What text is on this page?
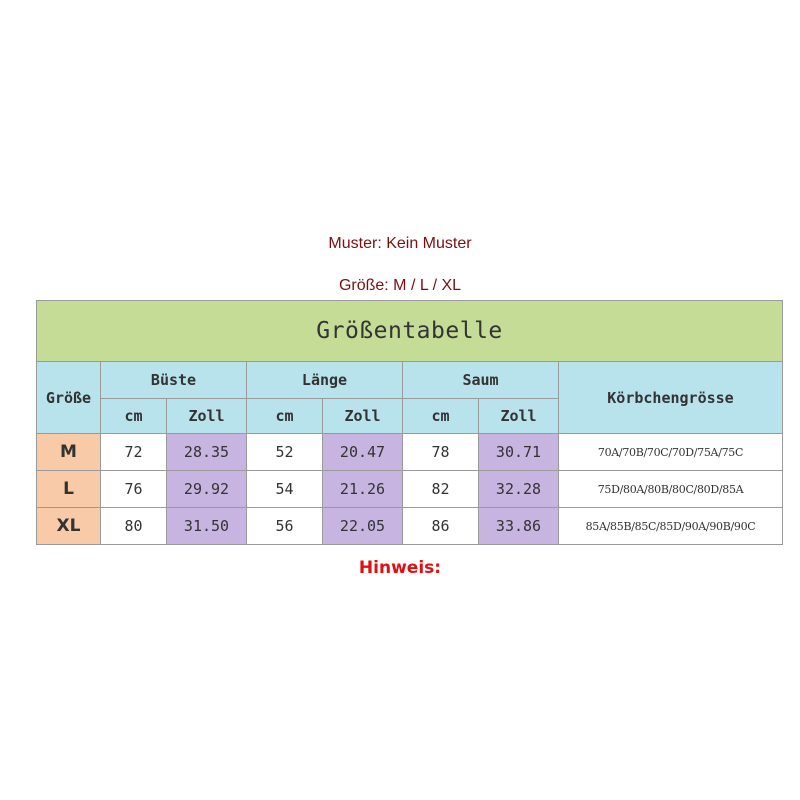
Muster: Kein Muster
Größe: M / L / XL
Größentabelle							
Größe	Büste		Länge		Saum		Körbchengrösse
	cm	Zoll	cm	Zoll	cm	Zoll	
M	72	28.35	52	20.47	78	30.71	70A/70B/70C/70D/75A/75C
L	76	29.92	54	21.26	82	32.28	75D/80A/80B/80C/80D/85A
XL	80	31.50	56	22.05	86	33.86	85A/85B/85C/85D/90A/90B/90C
Hinweis:
